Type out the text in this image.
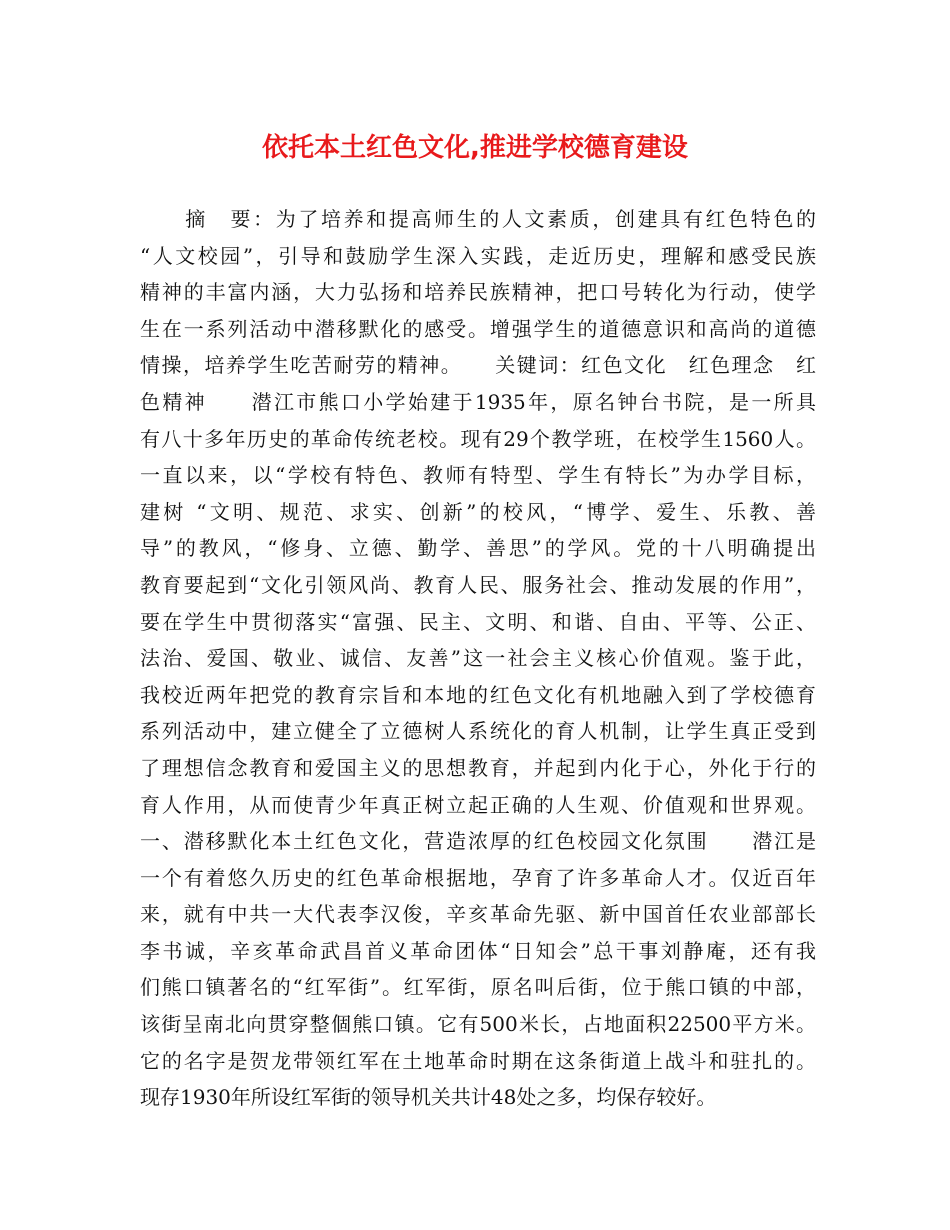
依托本土红色文化,推进学校德育建设
　　摘　要：为了培养和提高师生的人文素质，创建具有红色特色的
“人文校园”，引导和鼓励学生深入实践，走近历史，理解和感受民族
精神的丰富内涵，大力弘扬和培养民族精神，把口号转化为行动，使学
生在一系列活动中潜移默化的感受。增强学生的道德意识和高尚的道德
情操，培养学生吃苦耐劳的精神。　　关键词：红色文化　红色理念　红
色精神　　潜江市熊口小学始建于1935年，原名钟台书院，是一所具
有八十多年历史的革命传统老校。现有29个教学班，在校学生1560人。
一直以来，以“学校有特色、教师有特型、学生有特长”为办学目标，
建树 “文明、规范、求实、创新”的校风，“博学、爱生、乐教、善
导”的教风，“修身、立德、勤学、善思”的学风。党的十八明确提出
教育要起到“文化引领风尚、教育人民、服务社会、推动发展的作用”，
要在学生中贯彻落实“富强、民主、文明、和谐、自由、平等、公正、
法治、爱国、敬业、诚信、友善”这一社会主义核心价值观。鉴于此，
我校近两年把党的教育宗旨和本地的红色文化有机地融入到了学校德育
系列活动中，建立健全了立德树人系统化的育人机制，让学生真正受到
了理想信念教育和爱国主义的思想教育，并起到内化于心，外化于行的
育人作用，从而使青少年真正树立起正确的人生观、价值观和世界观。
一、潜移默化本土红色文化，营造浓厚的红色校园文化氛围　　潜江是
一个有着悠久历史的红色革命根据地，孕育了许多革命人才。仅近百年
来，就有中共一大代表李汉俊，辛亥革命先驱、新中国首任农业部部长
李书诚，辛亥革命武昌首义革命团体“日知会”总干事刘静庵，还有我
们熊口镇著名的“红军街”。红军街，原名叫后街，位于熊口镇的中部，
该街呈南北向贯穿整個熊口镇。它有500米长，占地面积22500平方米。
它的名字是贺龙带领红军在土地革命时期在这条街道上战斗和驻扎的。
现存1930年所设红军街的领导机关共计48处之多，均保存较好。
